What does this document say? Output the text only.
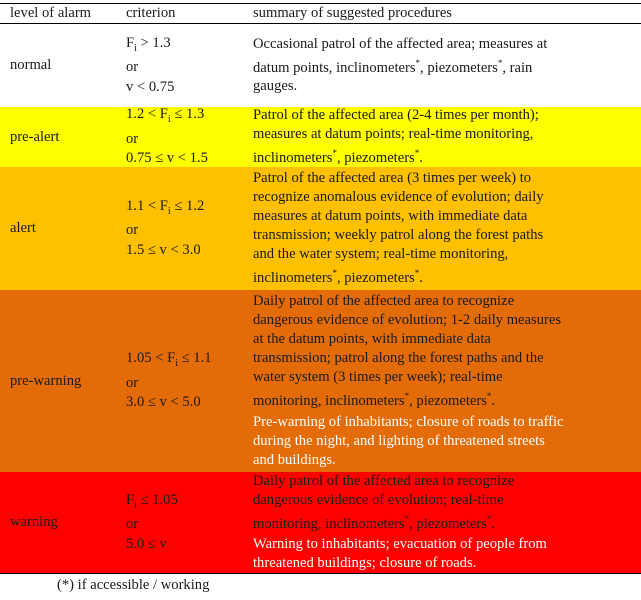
level of alarm	criterion	summary of suggested procedures
normal
$F_i > 1.3$
or
v < 0.75
Occasional patrol of the affected area; measures at
datum points, inclinometers*, piezometers*, rain
gauges.
pre-alert
$1.2 < F_i \le 1.3$
or
0.75 ≤ v < 1.5
Patrol of the affected area (2-4 times per month);
measures at datum points; real-time monitoring,
inclinometers*, piezometers*.
alert
$1.1 < F_i \le 1.2$
or
1.5 ≤ v < 3.0
Patrol of the affected area (3 times per week) to
recognize anomalous evidence of evolution; daily
measures at datum points, with immediate data
transmission; weekly patrol along the forest paths
and the water system; real-time monitoring,
inclinometers*, piezometers*.
pre-warning
$1.05 < F_i \le 1.1$
or
3.0 ≤ v < 5.0
Daily patrol of the affected area to recognize
dangerous evidence of evolution; 1-2 daily measures
at the datum points, with immediate data
transmission; patrol along the forest paths and the
water system (3 times per week); real-time
monitoring, inclinometers*, piezometers*.
Pre-warning of inhabitants; closure of roads to traffic
during the night, and lighting of threatened streets
and buildings.
warning
$F_i \le 1.05$
or
5.0 ≤ v
Daily patrol of the affected area to recognize
dangerous evidence of evolution; real-time
monitoring, inclinometers*, piezometers*.
Warning to inhabitants; evacuation of people from
threatened buildings; closure of roads.
(*) if accessible / working
